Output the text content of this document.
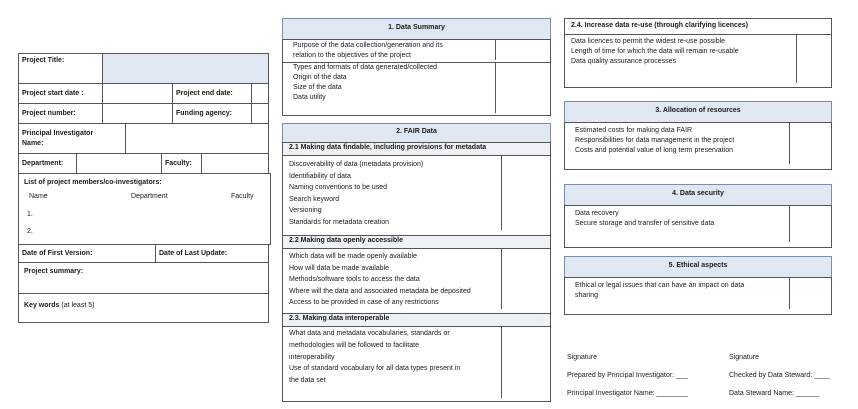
Project Title:			
Project start date :		Project end date:	
Project number:		Funding agency:	
Principal Investigator
Name:

Department:		Faculty:	
List of project members/co-investigators:
Name	Department	Faculty
1.
2.
Date of First Version:	Date of Last Update:
Project summary:
Key words (at least 5)
1. Data Summary
Purpose of the data collection/generation and its
relation to the objectives of the project
Types and formats of data generated/collected
Origin of the data
Size of the data
Data utility
2. FAIR Data
2.1 Making data findable, including provisions for metadata
Discoverability of data (metadata provision)
Identifiability of data
Naming conventions to be used
Search keyword
Versioning
Standards for metadata creation
2.2 Making data openly accessible
Which data will be made openly available
How will data be made available
Methods/software tools to access the data
Where will the data and associated metadata be deposited
Access to be provided in case of any restrictions
2.3. Making data interoperable
What data and metadata vocabularies, standards or
methodologies will be followed to facilitate
interoperability
Use of standard vocabulary for all data types present in
the data set
2.4. Increase data re-use (through clarifying licences)
Data licences to permit the widest re-use possible
Length of time for which the data will remain re-usable
Data quality assurance processes
3. Allocation of resources
Estimated costs for making data FAIR
Responsibilities for data management in the project
Costs and potential value of long term preservation
4. Data security
Data recovery
Secure storage and transfer of sensitive data
5. Ethical aspects
Ethical or legal issues that can have an impact on data
sharing
Signature
Prepared by Principal Investigator: ___
Principal Investigator Name: ________
Signature
Checked by Data Steward: ____
Data Steward Name: ______
